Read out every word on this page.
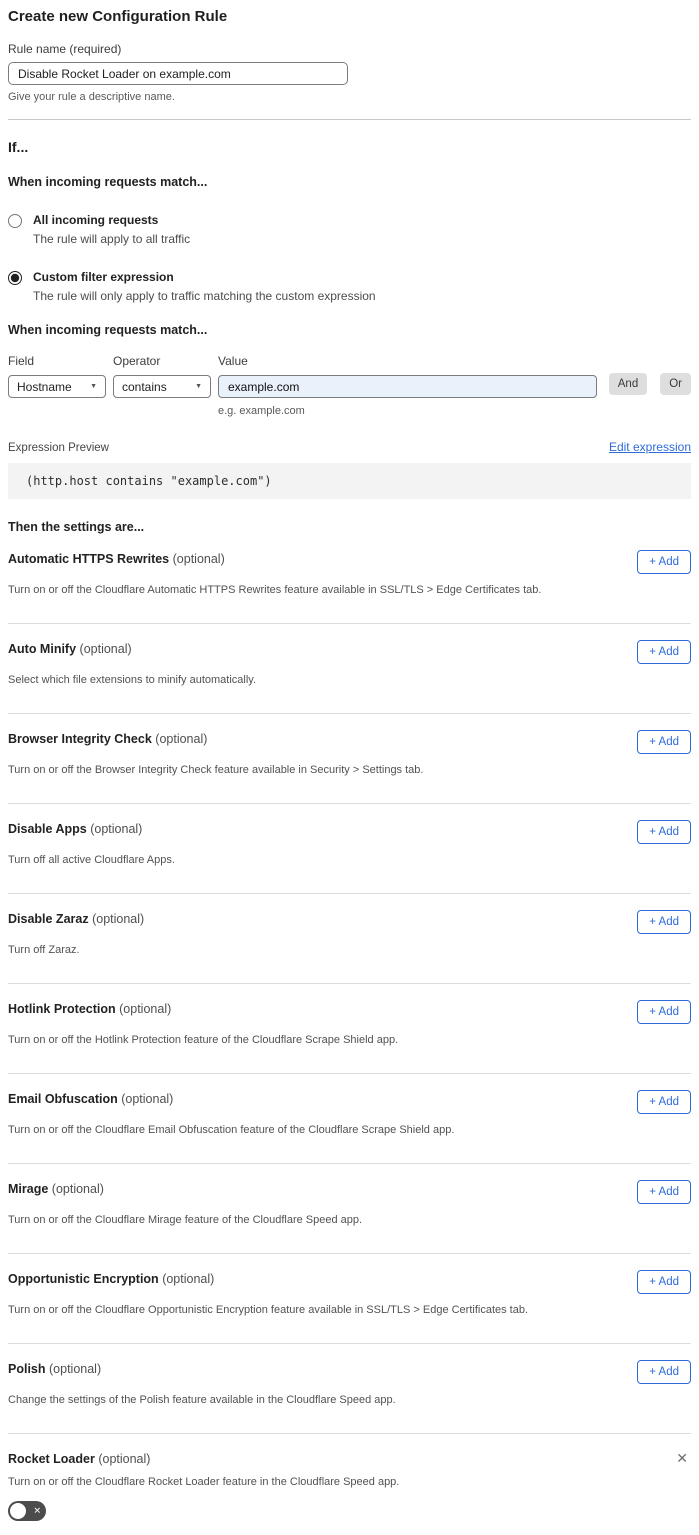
Create new Configuration Rule
Rule name (required)
Disable Rocket Loader on example.com
Give your rule a descriptive name.
If...
When incoming requests match...
All incoming requests
The rule will apply to all traffic
Custom filter expression
The rule will only apply to traffic matching the custom expression
When incoming requests match...
Field
Hostname	▼
Operator
contains	▼
Value
example.com
e.g. example.com
And	Or
Expression Preview	Edit expression
(http.host contains "example.com")
Then the settings are...
Automatic HTTPS Rewrites (optional)	+ Add
Turn on or off the Cloudflare Automatic HTTPS Rewrites feature available in SSL/TLS > Edge Certificates tab.
Auto Minify (optional)	+ Add
Select which file extensions to minify automatically.
Browser Integrity Check (optional)	+ Add
Turn on or off the Browser Integrity Check feature available in Security > Settings tab.
Disable Apps (optional)	+ Add
Turn off all active Cloudflare Apps.
Disable Zaraz (optional)	+ Add
Turn off Zaraz.
Hotlink Protection (optional)	+ Add
Turn on or off the Hotlink Protection feature of the Cloudflare Scrape Shield app.
Email Obfuscation (optional)	+ Add
Turn on or off the Cloudflare Email Obfuscation feature of the Cloudflare Scrape Shield app.
Mirage (optional)	+ Add
Turn on or off the Cloudflare Mirage feature of the Cloudflare Speed app.
Opportunistic Encryption (optional)	+ Add
Turn on or off the Cloudflare Opportunistic Encryption feature available in SSL/TLS > Edge Certificates tab.
Polish (optional)	+ Add
Change the settings of the Polish feature available in the Cloudflare Speed app.
Rocket Loader (optional)	✕
Turn on or off the Cloudflare Rocket Loader feature in the Cloudflare Speed app.
✕
